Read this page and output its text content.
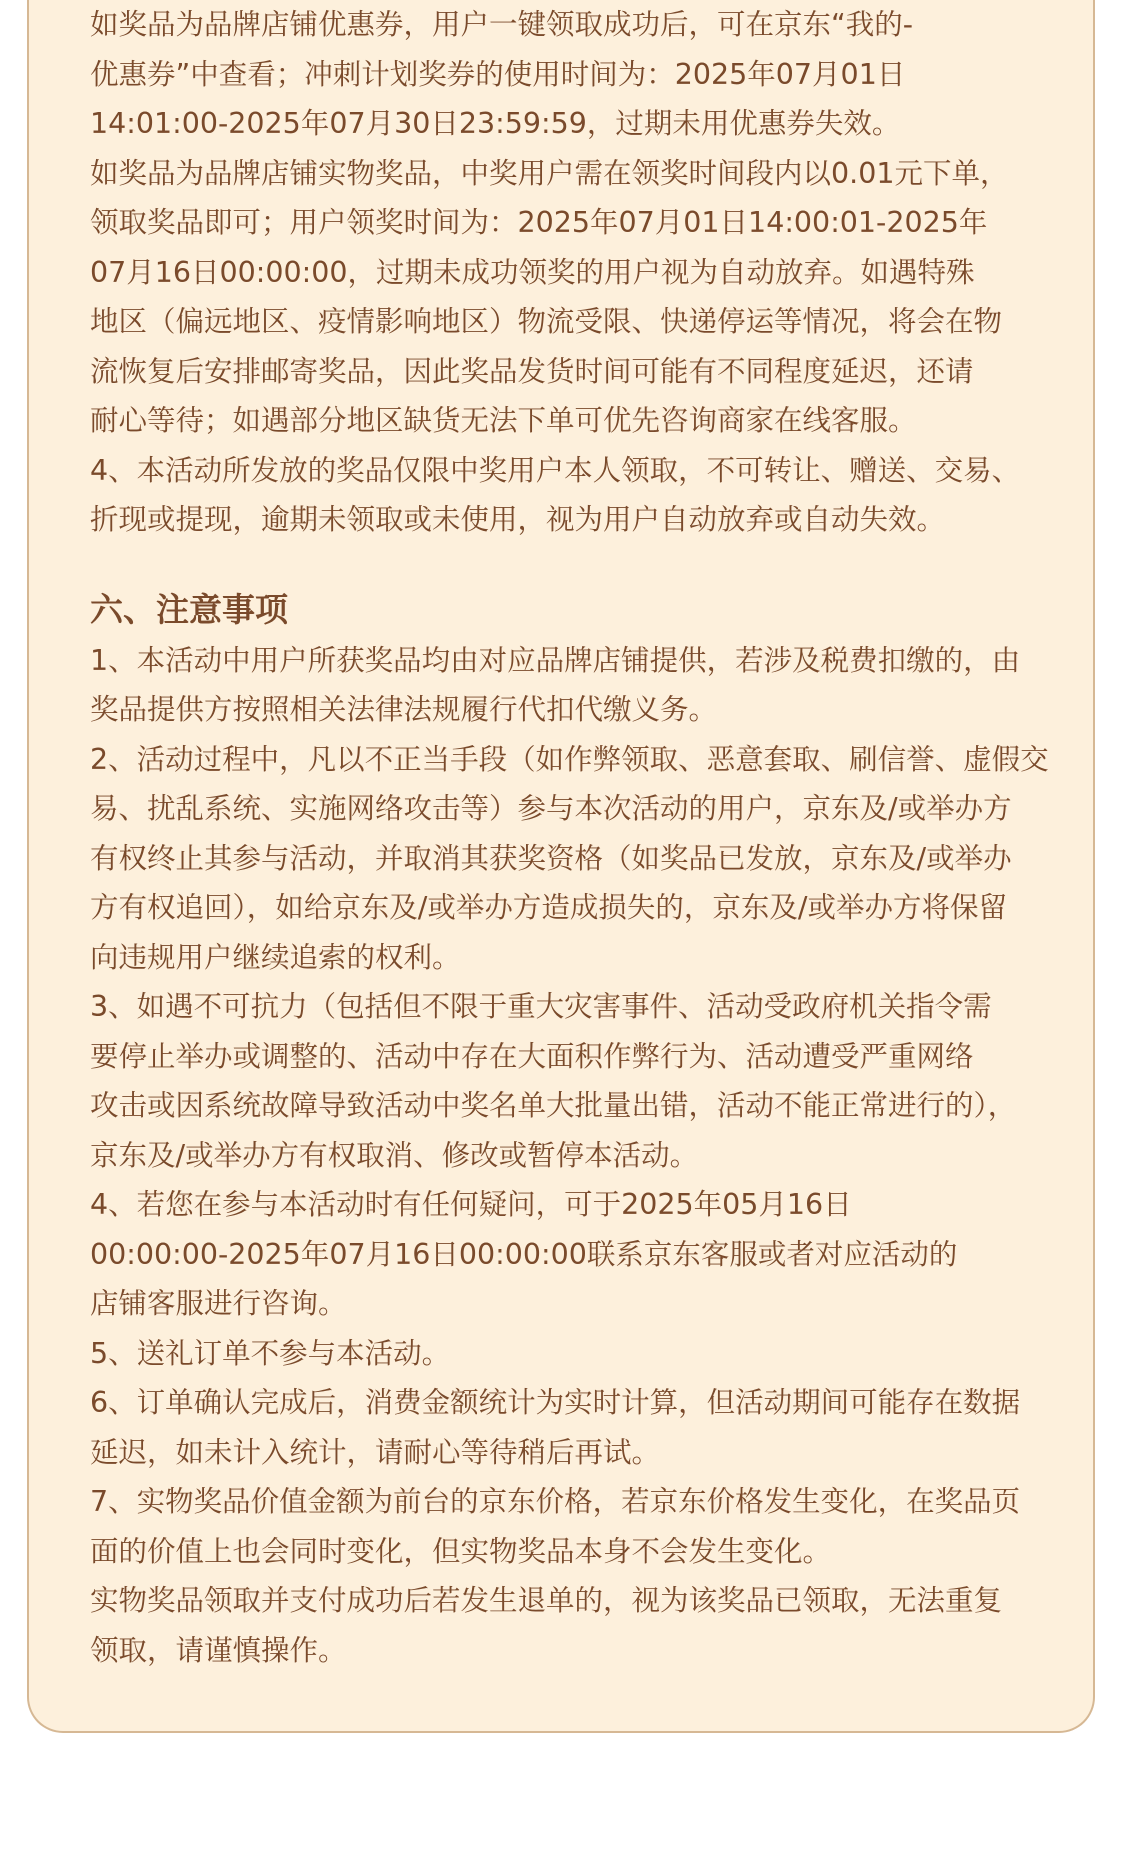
如奖品为品牌店铺优惠券，用户一键领取成功后，可在京东“我的-
优惠券”中查看；冲刺计划奖券的使用时间为：2025年07月01日
14:01:00-2025年07月30日23:59:59，过期未用优惠券失效。

如奖品为品牌店铺实物奖品，中奖用户需在领奖时间段内以0.01元下单，
领取奖品即可；用户领奖时间为：2025年07月01日14:00:01-2025年
07月16日00:00:00，过期未成功领奖的用户视为自动放弃。如遇特殊
地区（偏远地区、疫情影响地区）物流受限、快递停运等情况，将会在物
流恢复后安排邮寄奖品，因此奖品发货时间可能有不同程度延迟，还请
耐心等待；如遇部分地区缺货无法下单可优先咨询商家在线客服。

4、本活动所发放的奖品仅限中奖用户本人领取，不可转让、赠送、交易、
折现或提现，逾期未领取或未使用，视为用户自动放弃或自动失效。

六、注意事项

1、本活动中用户所获奖品均由对应品牌店铺提供，若涉及税费扣缴的，由
奖品提供方按照相关法律法规履行代扣代缴义务。

2、活动过程中，凡以不正当手段（如作弊领取、恶意套取、刷信誉、虚假交
易、扰乱系统、实施网络攻击等）参与本次活动的用户，京东及/或举办方
有权终止其参与活动，并取消其获奖资格（如奖品已发放，京东及/或举办
方有权追回），如给京东及/或举办方造成损失的，京东及/或举办方将保留
向违规用户继续追索的权利。

3、如遇不可抗力（包括但不限于重大灾害事件、活动受政府机关指令需
要停止举办或调整的、活动中存在大面积作弊行为、活动遭受严重网络
攻击或因系统故障导致活动中奖名单大批量出错，活动不能正常进行的），
京东及/或举办方有权取消、修改或暂停本活动。

4、若您在参与本活动时有任何疑问，可于2025年05月16日
00:00:00-2025年07月16日00:00:00联系京东客服或者对应活动的
店铺客服进行咨询。

5、送礼订单不参与本活动。

6、订单确认完成后，消费金额统计为实时计算，但活动期间可能存在数据
延迟，如未计入统计，请耐心等待稍后再试。

7、实物奖品价值金额为前台的京东价格，若京东价格发生变化，在奖品页
面的价值上也会同时变化，但实物奖品本身不会发生变化。

实物奖品领取并支付成功后若发生退单的，视为该奖品已领取，无法重复
领取，请谨慎操作。
